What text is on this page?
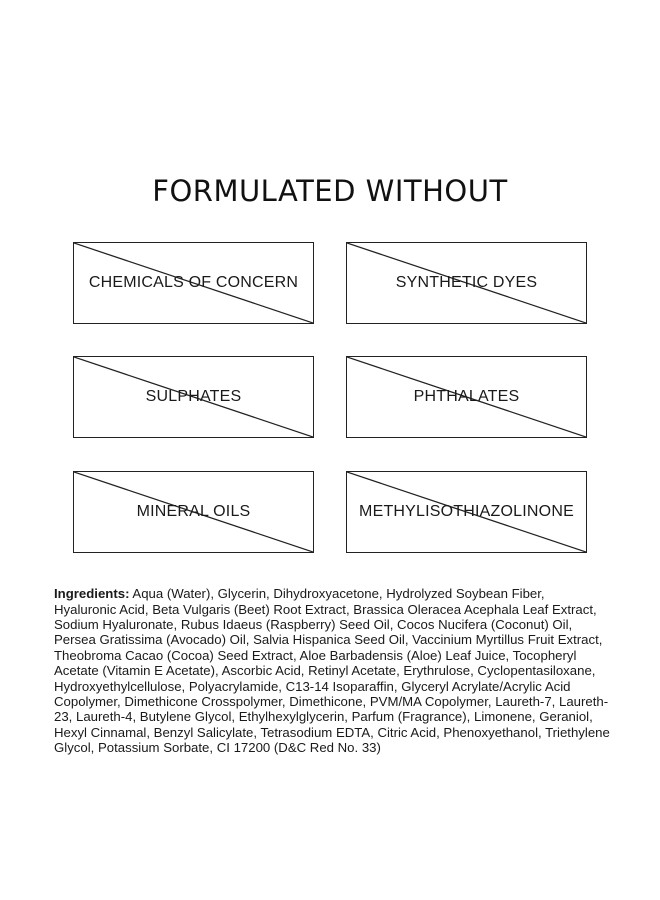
FORMULATED WITHOUT
CHEMICALS OF CONCERN	SYNTHETIC DYES
SULPHATES	PHTHALATES
MINERAL OILS	METHYLISOTHIAZOLINONE

Ingredients: Aqua (Water), Glycerin, Dihydroxyacetone, Hydrolyzed Soybean Fiber, Hyaluronic Acid, Beta Vulgaris (Beet) Root Extract, Brassica Oleracea Acephala Leaf Extract, Sodium Hyaluronate, Rubus Idaeus (Raspberry) Seed Oil, Cocos Nucifera (Coconut) Oil, Persea Gratissima (Avocado) Oil, Salvia Hispanica Seed Oil, Vaccinium Myrtillus Fruit Extract, Theobroma Cacao (Cocoa) Seed Extract, Aloe Barbadensis (Aloe) Leaf Juice, Tocopheryl Acetate (Vitamin E Acetate), Ascorbic Acid, Retinyl Acetate, Erythrulose, Cyclopentasiloxane, Hydroxyethylcellulose, Polyacrylamide, C13-14 Isoparaffin, Glyceryl Acrylate/Acrylic Acid Copolymer, Dimethicone Crosspolymer, Dimethicone, PVM/MA Copolymer, Laureth-7, Laureth-23, Laureth-4, Butylene Glycol, Ethylhexylglycerin, Parfum (Fragrance), Limonene, Geraniol, Hexyl Cinnamal, Benzyl Salicylate, Tetrasodium EDTA, Citric Acid, Phenoxyethanol, Triethylene Glycol, Potassium Sorbate, CI 17200 (D&C Red No. 33)
